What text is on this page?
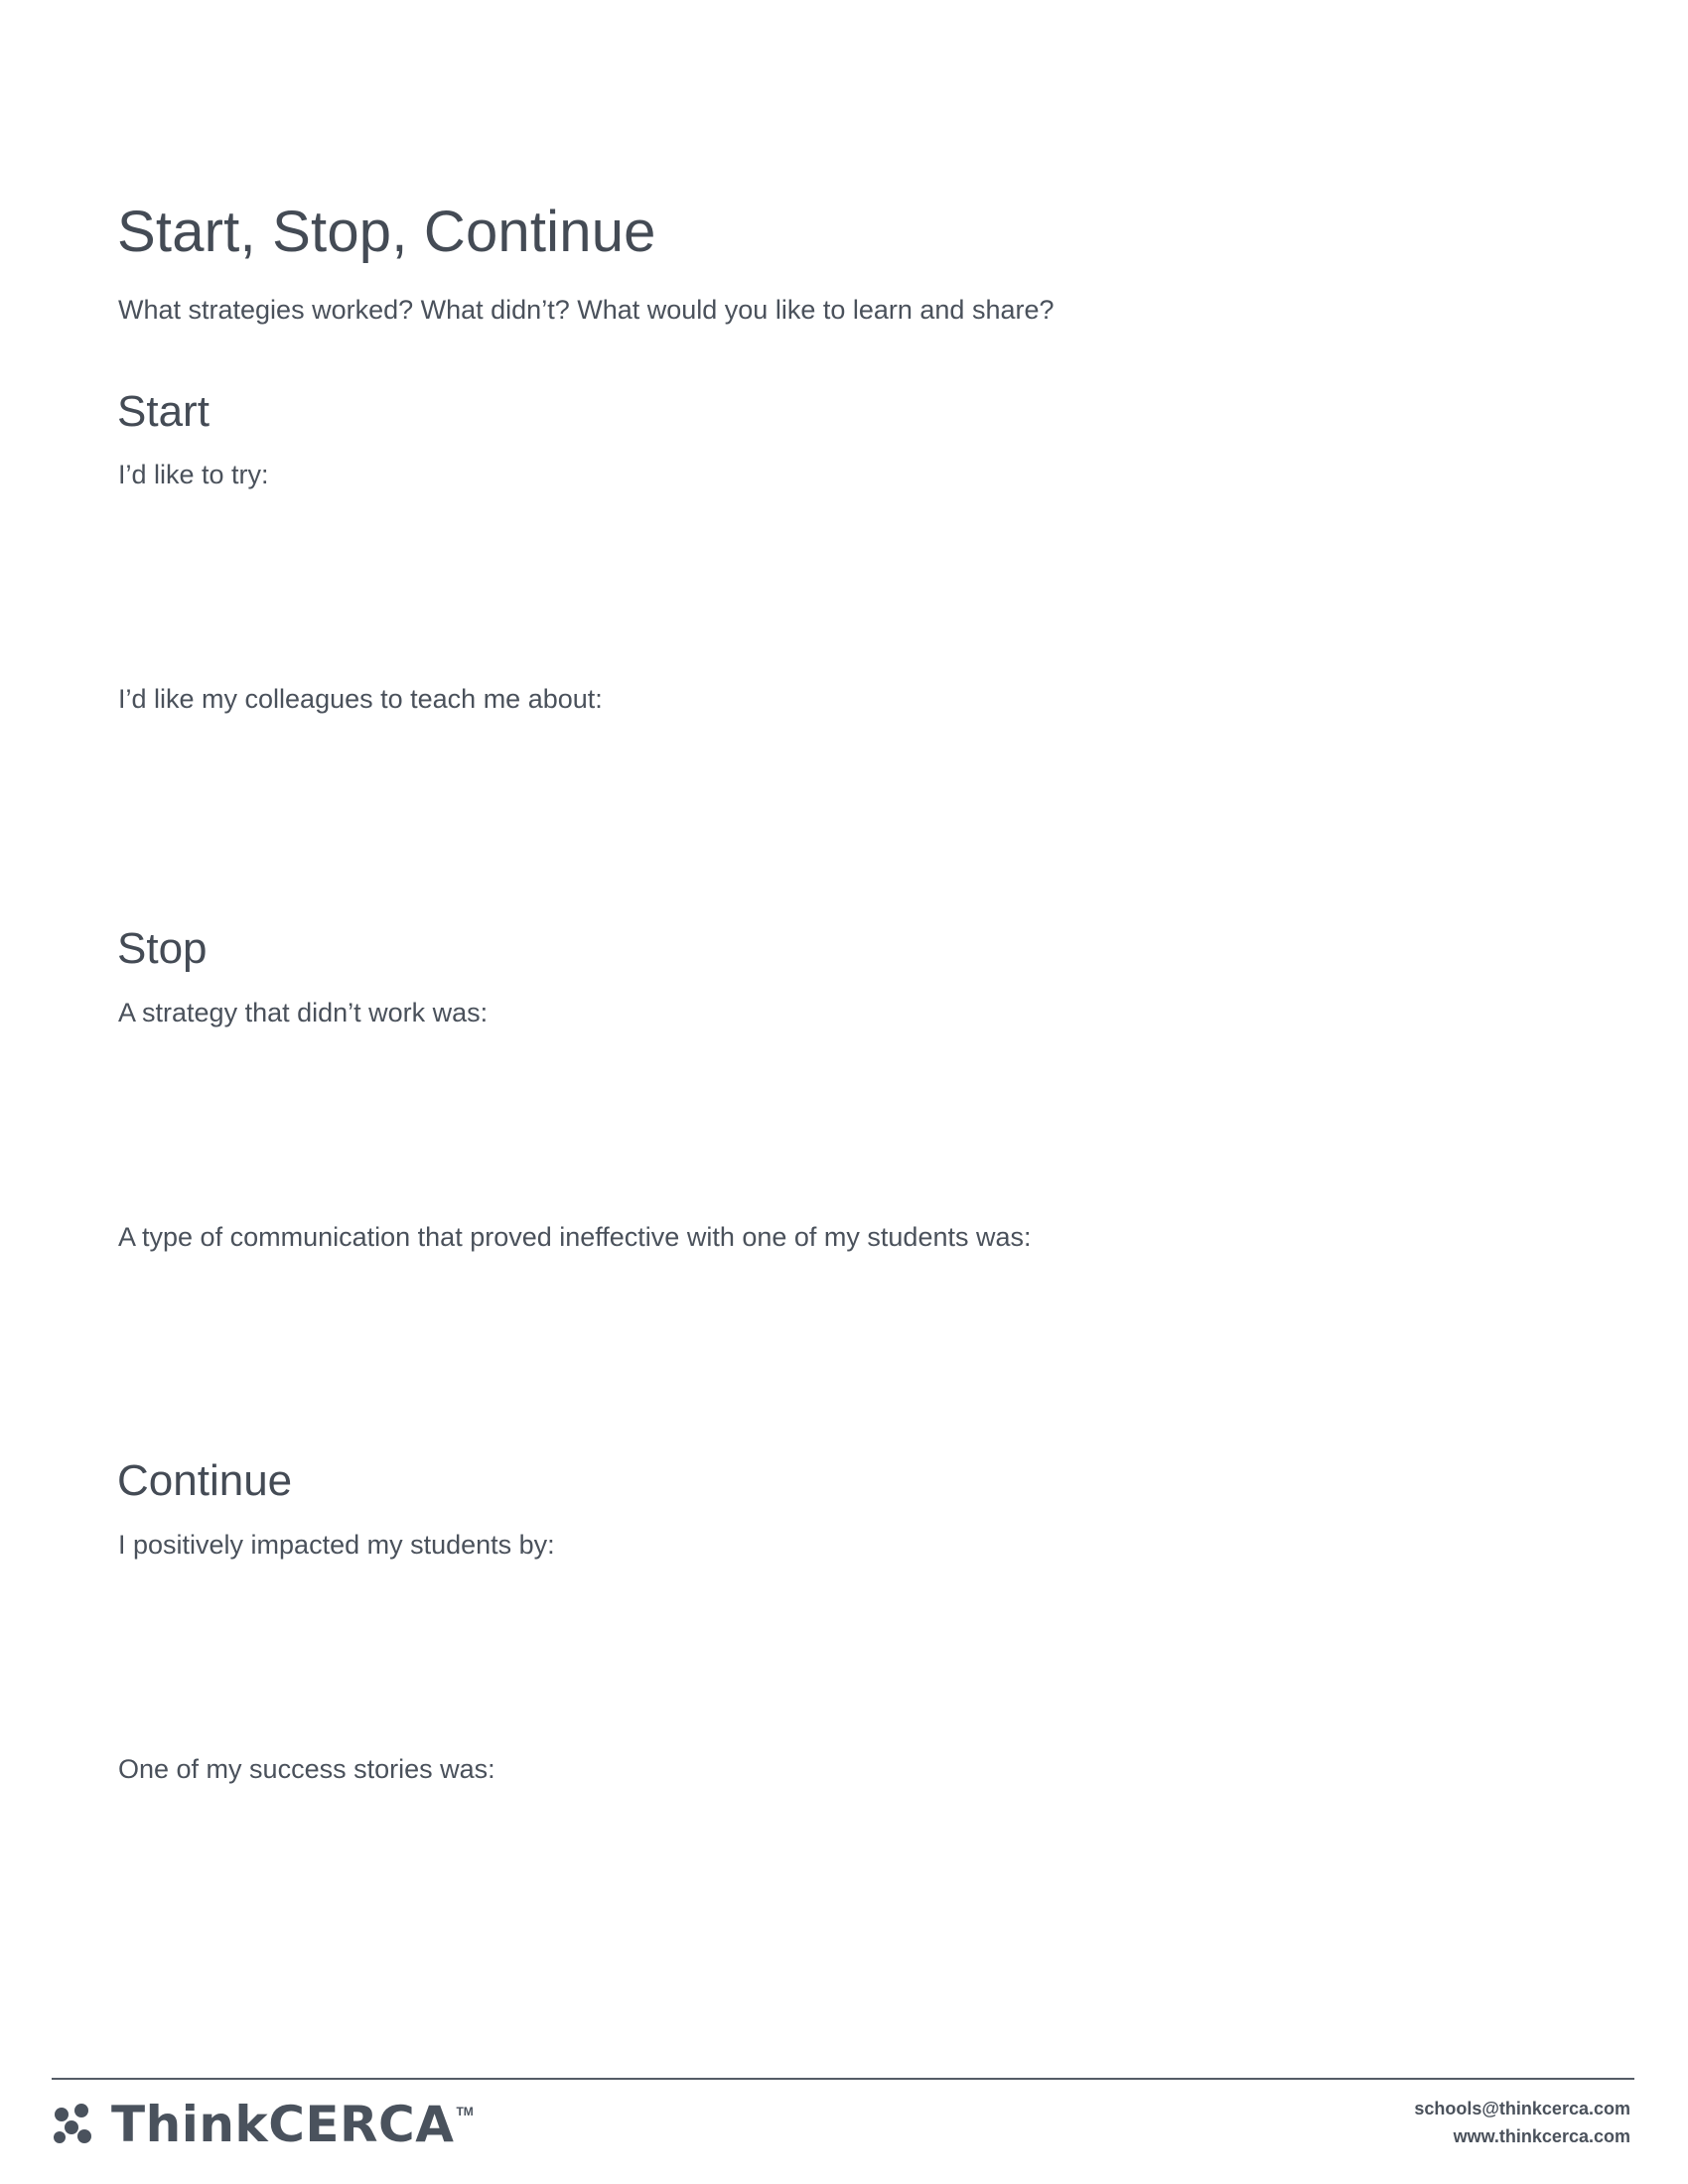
Start, Stop, Continue

What strategies worked? What didn’t? What would you like to learn and share?

Start

I’d like to try:

I’d like my colleagues to teach me about:

Stop

A strategy that didn’t work was:

A type of communication that proved ineffective with one of my students was:

Continue

I positively impacted my students by:

One of my success stories was:

ThinkCERCA TM	schools@thinkcerca.com
www.thinkcerca.com
